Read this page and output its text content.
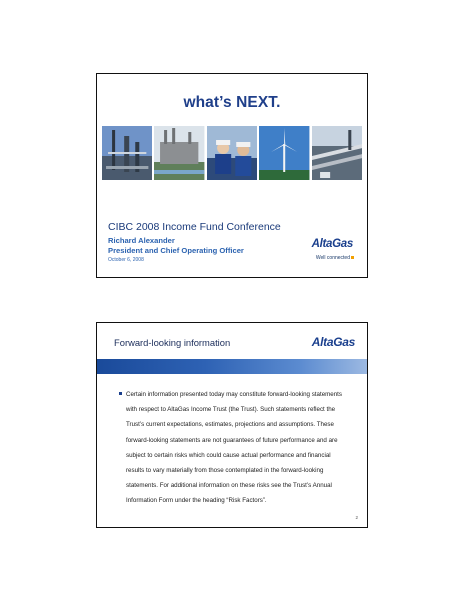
what’s NEXT.
CIBC 2008 Income Fund Conference
Richard Alexander
President and Chief Operating Officer
October 6, 2008
AltaGas
Well connected
Forward-looking information	AltaGas
Certain information presented today may constitute forward-looking statements with respect to AltaGas Income Trust (the Trust). Such statements reflect the Trust’s current expectations, estimates, projections and assumptions. These forward-looking statements are not guarantees of future performance and are subject to certain risks which could cause actual performance and financial results to vary materially from those contemplated in the forward-looking statements. For additional information on these risks see the Trust’s Annual Information Form under the heading “Risk Factors”.
2
